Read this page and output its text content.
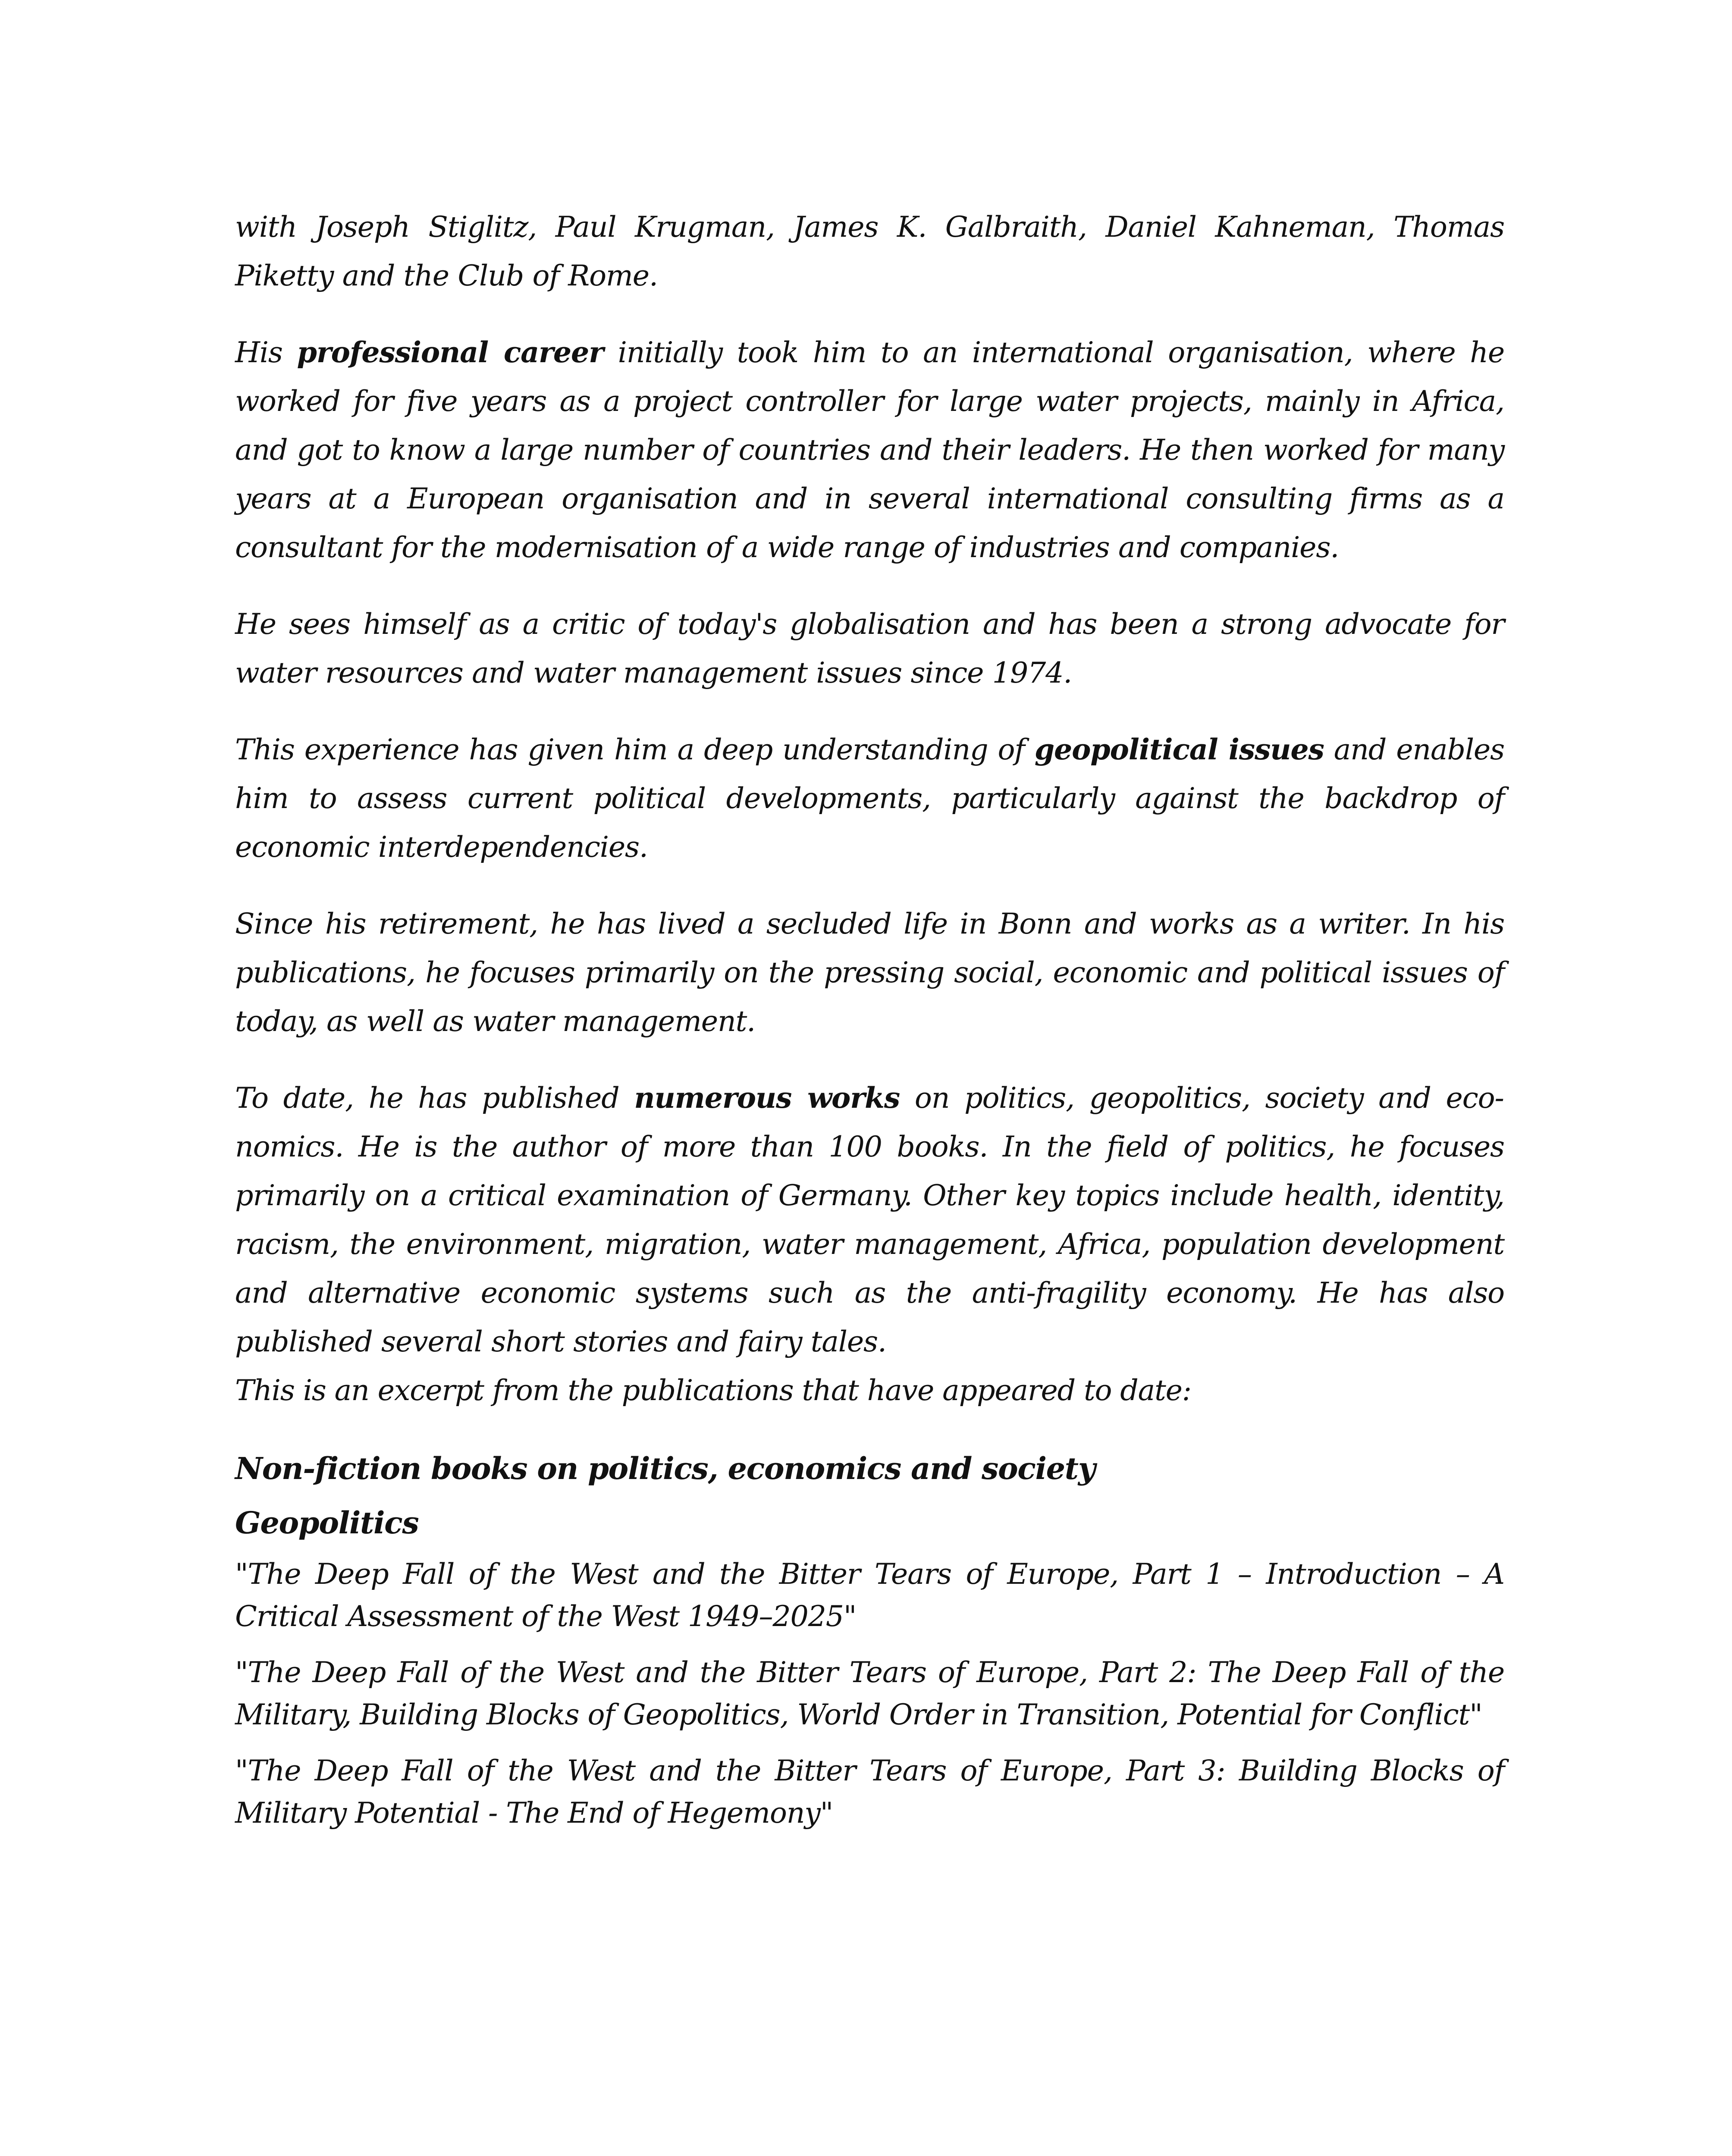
with Joseph Stiglitz, Paul Krugman, James K. Galbraith, Daniel Kahneman, Thomas Piketty and the Club of Rome.

His professional career initially took him to an international organisation, where he worked for five years as a project controller for large water projects, mainly in Africa, and got to know a large number of countries and their leaders. He then worked for many years at a European organisation and in several international consulting firms as a consultant for the modernisation of a wide range of industries and companies.

He sees himself as a critic of today's globalisation and has been a strong advocate for water resources and water management issues since 1974.

This experience has given him a deep understanding of geopolitical issues and enables him to assess current political developments, particularly against the backdrop of economic interdependencies.

Since his retirement, he has lived a secluded life in Bonn and works as a writer. In his publications, he focuses primarily on the pressing social, economic and political issues of today, as well as water management.

To date, he has published numerous works on politics, geopolitics, society and economics. He is the author of more than 100 books. In the field of politics, he focuses primarily on a critical examination of Germany. Other key topics include health, identity, racism, the environment, migration, water management, Africa, population development and alternative economic systems such as the anti-fragility economy. He has also published several short stories and fairy tales.

This is an excerpt from the publications that have appeared to date:

Non-fiction books on politics, economics and society
Geopolitics

"The Deep Fall of the West and the Bitter Tears of Europe, Part 1 – Introduction – A Critical Assessment of the West 1949–2025"

"The Deep Fall of the West and the Bitter Tears of Europe, Part 2: The Deep Fall of the Military, Building Blocks of Geopolitics, World Order in Transition, Potential for Conflict"

"The Deep Fall of the West and the Bitter Tears of Europe, Part 3: Building Blocks of Military Potential - The End of Hegemony"
